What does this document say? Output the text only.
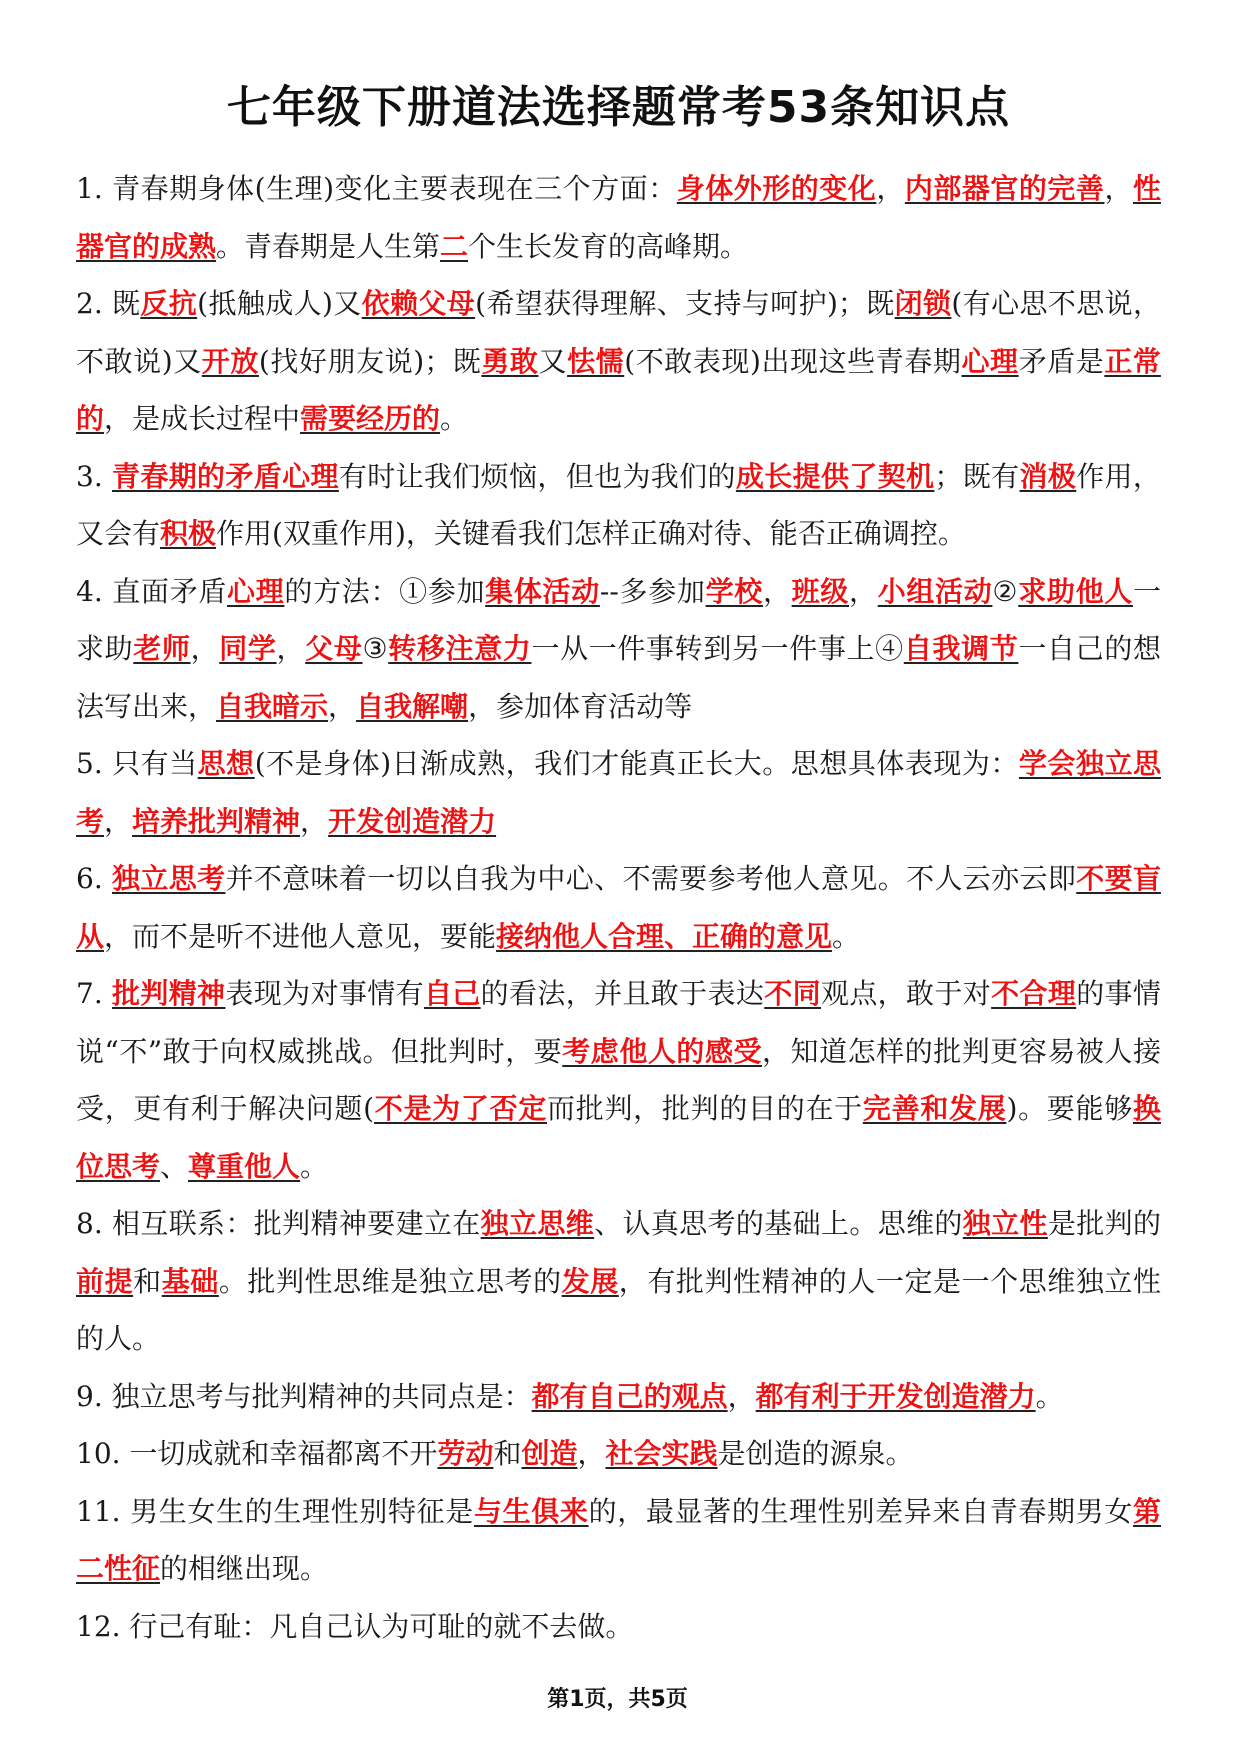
七年级下册道法选择题常考53条知识点

1. 青春期身体(生理)变化主要表现在三个方面：身体外形的变化，内部器官的完善，性器官的成熟。青春期是人生第二个生长发育的高峰期。

2. 既反抗(抵触成人)又依赖父母(希望获得理解、支持与呵护)；既闭锁(有心思不思说，不敢说)又开放(找好朋友说)；既勇敢又怯懦(不敢表现)出现这些青春期心理矛盾是正常的，是成长过程中需要经历的。

3. 青春期的矛盾心理有时让我们烦恼，但也为我们的成长提供了契机；既有消极作用，又会有积极作用(双重作用)，关键看我们怎样正确对待、能否正确调控。

4. 直面矛盾心理的方法：①参加集体活动--多参加学校，班级，小组活动②求助他人一求助老师，同学，父母③转移注意力一从一件事转到另一件事上④自我调节一自己的想法写出来，自我暗示，自我解嘲，参加体育活动等

5. 只有当思想(不是身体)日渐成熟，我们才能真正长大。思想具体表现为：学会独立思考，培养批判精神，开发创造潜力

6. 独立思考并不意味着一切以自我为中心、不需要参考他人意见。不人云亦云即不要盲从，而不是听不进他人意见，要能接纳他人合理、正确的意见。

7. 批判精神表现为对事情有自己的看法，并且敢于表达不同观点，敢于对不合理的事情说“不”敢于向权威挑战。但批判时，要考虑他人的感受，知道怎样的批判更容易被人接受，更有利于解决问题(不是为了否定而批判，批判的目的在于完善和发展)。要能够换位思考、尊重他人。

8. 相互联系：批判精神要建立在独立思维、认真思考的基础上。思维的独立性是批判的前提和基础。批判性思维是独立思考的发展，有批判性精神的人一定是一个思维独立性的人。

9. 独立思考与批判精神的共同点是：都有自己的观点，都有利于开发创造潜力。

10. 一切成就和幸福都离不开劳动和创造，社会实践是创造的源泉。

11. 男生女生的生理性别特征是与生俱来的，最显著的生理性别差异来自青春期男女第二性征的相继出现。

12. 行己有耻：凡自己认为可耻的就不去做。

第1页，共5页
